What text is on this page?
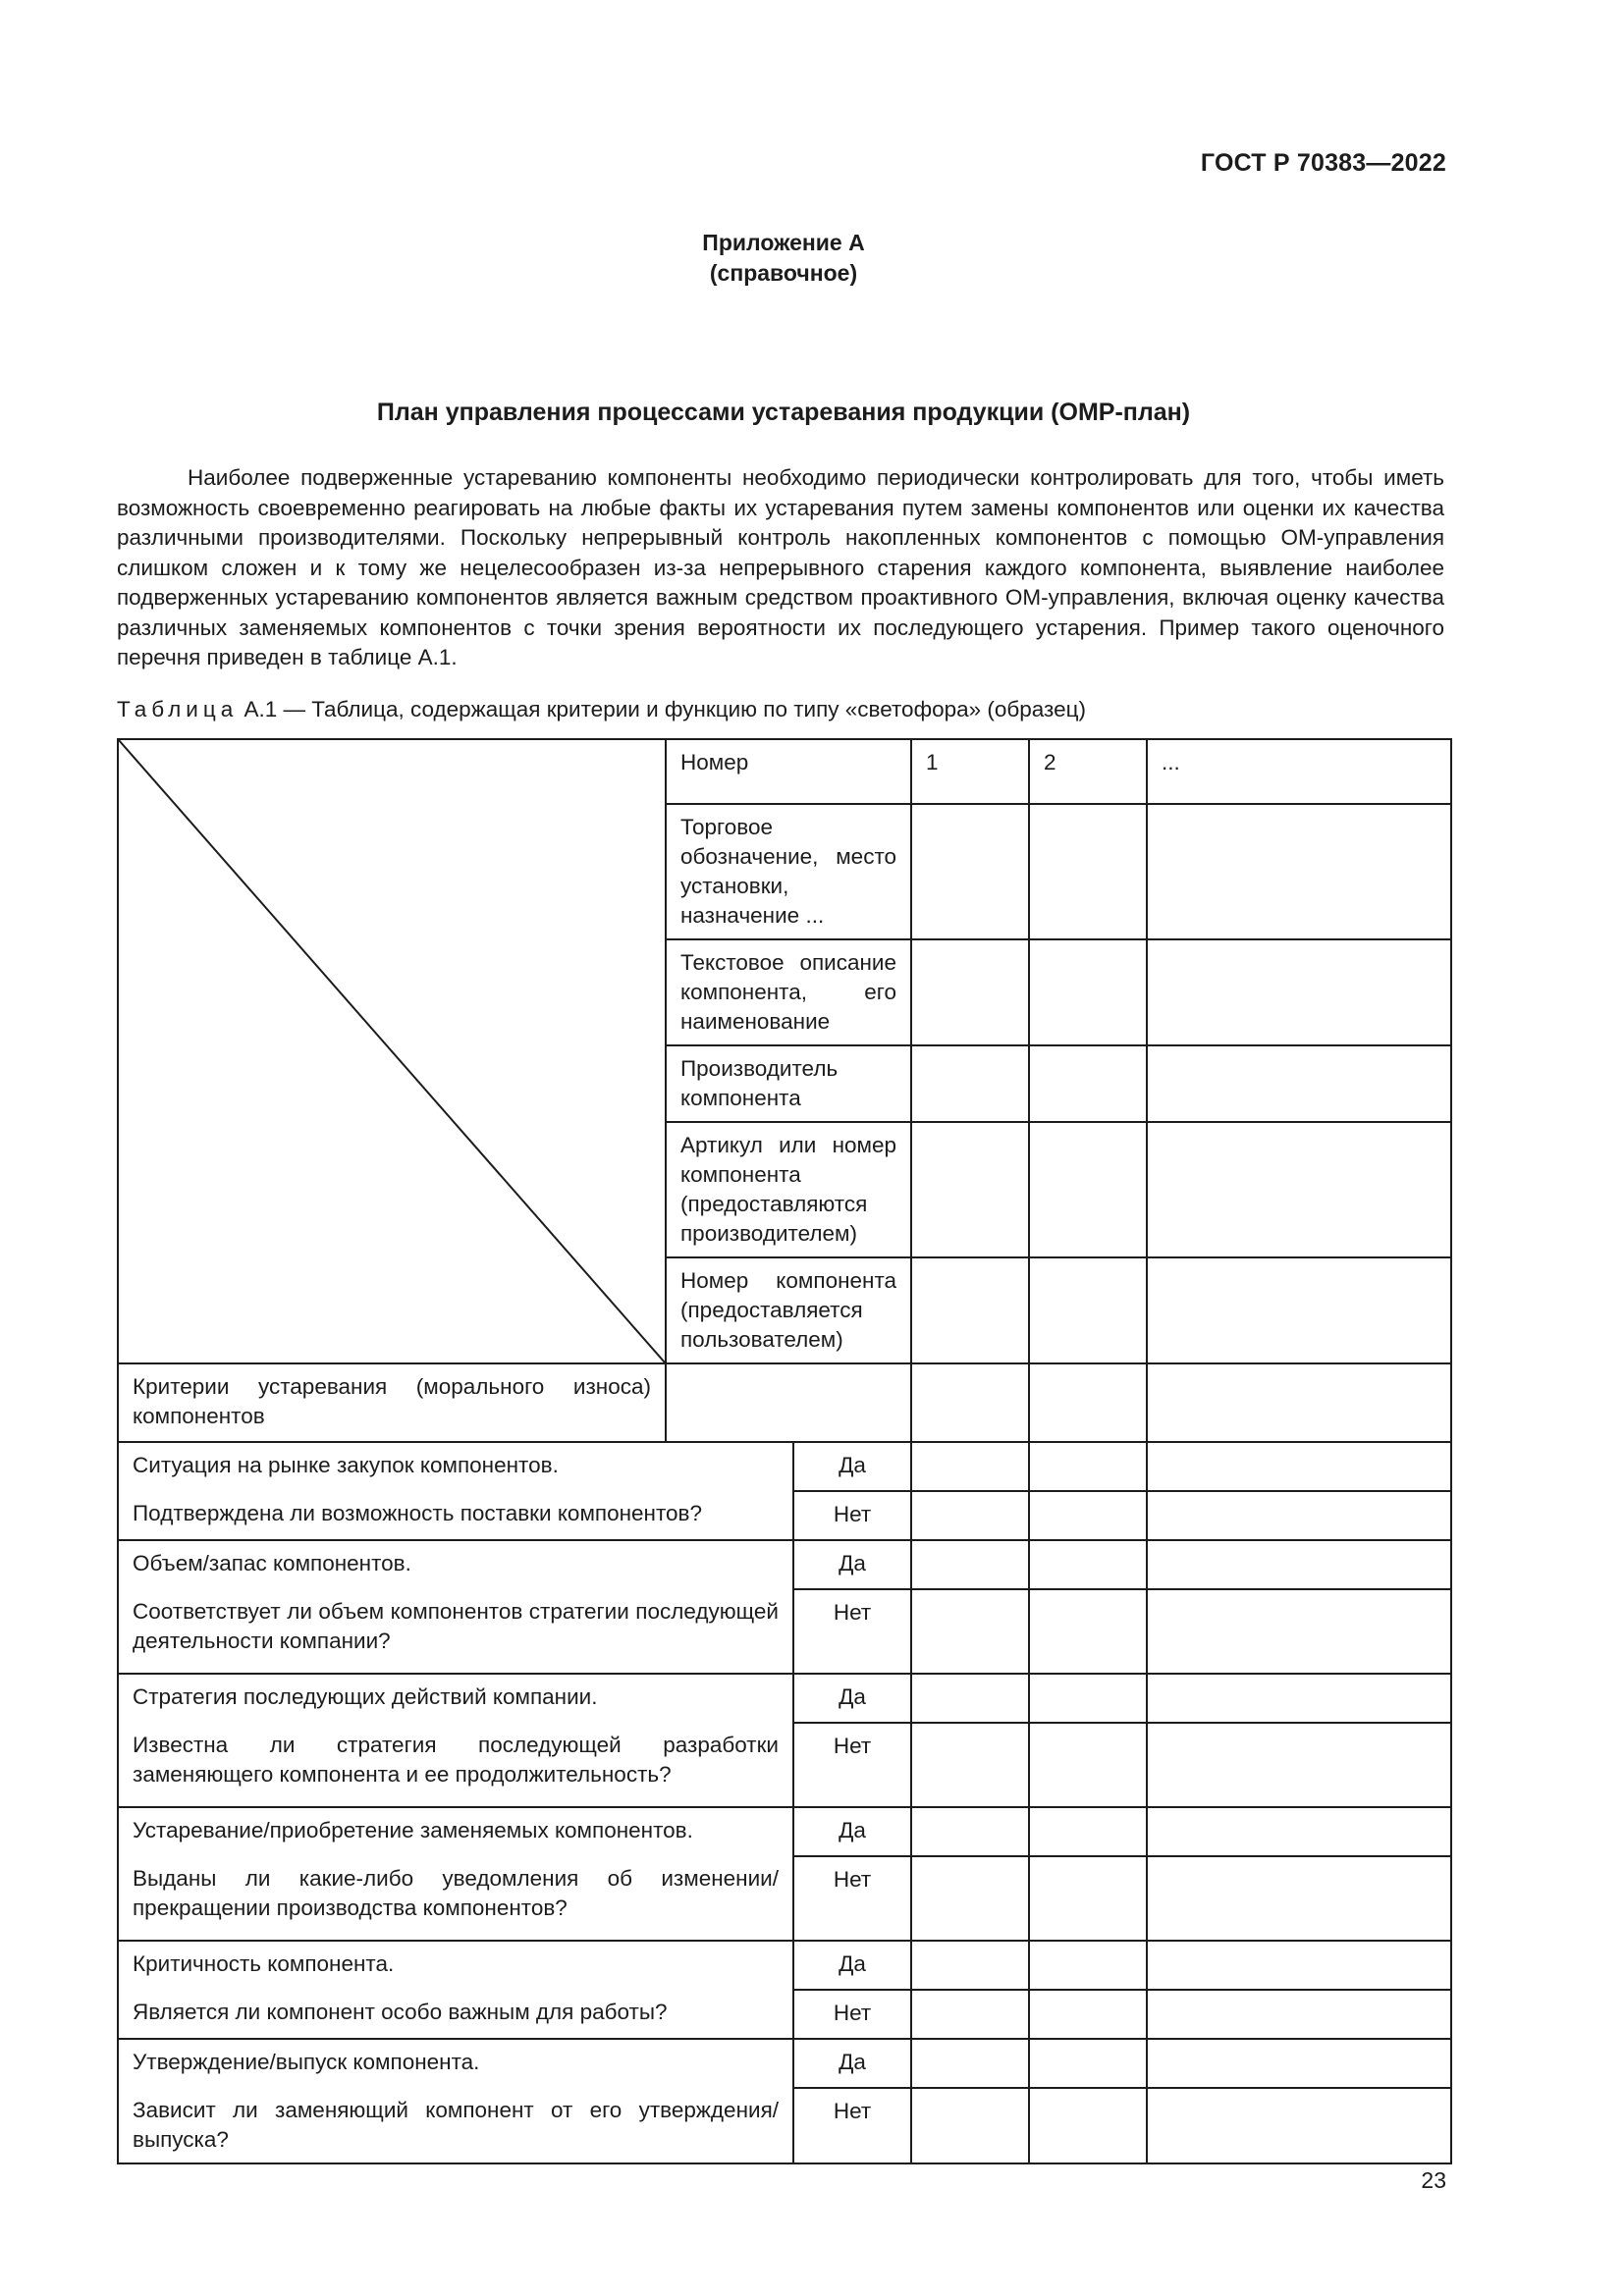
ГОСТ Р 70383—2022
Приложение А
(справочное)
План управления процессами устаревания продукции (ОМР-план)

Наиболее подверженные устареванию компоненты необходимо периодически контролировать для того, чтобы иметь возможность своевременно реагировать на любые факты их устаревания путем замены компонентов или оценки их качества различными производителями. Поскольку непрерывный контроль накопленных компонентов с помощью ОМ-управления слишком сложен и к тому же нецелесообразен из-за непрерывного старения каждого компонента, выявление наиболее подверженных устареванию компонентов является важным средством проактивного ОМ-управления, включая оценку качества различных заменяемых компонентов с точки зрения вероятности их последующего устарения. Пример такого оценочного перечня приведен в таблице А.1.

Таблица А.1 — Таблица, содержащая критерии и функцию по типу «светофора» (образец)
	Номер		1	2	...
	Торговое обозначение, место установки, назначение ...				
	Текстовое описание компонента, его наименование				
	Производитель компонента				
	Артикул или номер компонента (предоставляются производителем)				
	Номер компонента (предоставляется пользователем)				
Критерии устаревания (морального износа) компонентов					
Ситуация на рынке закупок компонентов.		Да			
Подтверждена ли возможность поставки компонентов?		Нет			
Объем/запас компонентов.		Да			
Соответствует ли объем компонентов стратегии последующей деятельности компании?		Нет			
Стратегия последующих действий компании.		Да			
Известна ли стратегия последующей разработки заменяющего компонента и ее продолжительность?		Нет			
Устаревание/приобретение заменяемых компонентов.		Да			
Выданы ли какие-либо уведомления об изменении/прекращении производства компонентов?		Нет			
Критичность компонента.		Да			
Является ли компонент особо важным для работы?		Нет			
Утверждение/выпуск компонента.		Да			
Зависит ли заменяющий компонент от его утверждения/выпуска?		Нет			
23
